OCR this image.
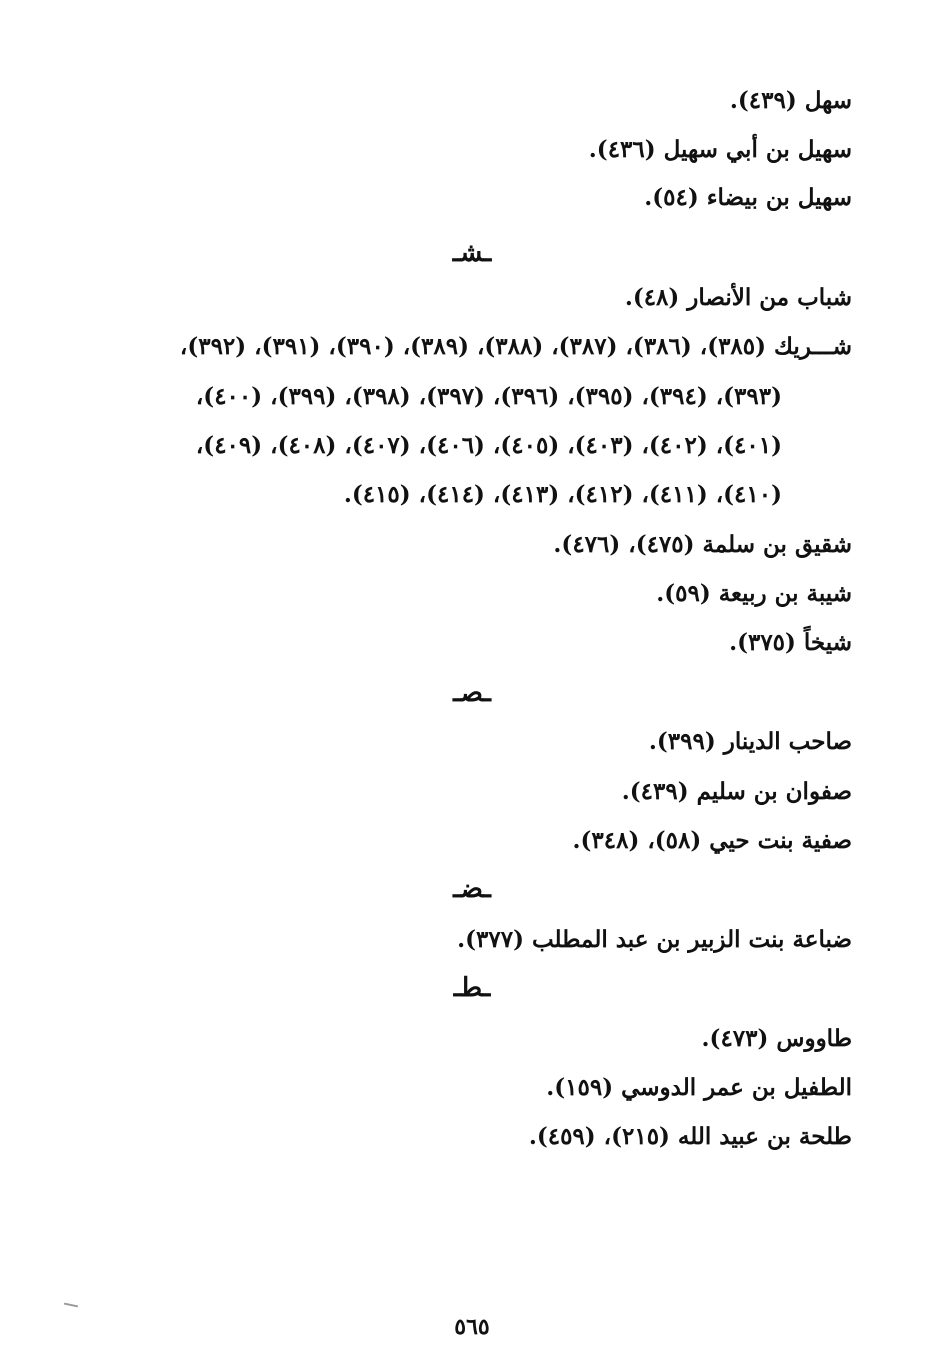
سهل (٤٣٩).
سهيل بن أبي سهيل (٤٣٦).
سهيل بن بيضاء (٥٤).
ـشـ
شباب من الأنصار (٤٨).
شـــريك (٣٨٥)، (٣٨٦)، (٣٨٧)، (٣٨٨)، (٣٨٩)، (٣٩٠)، (٣٩١)، (٣٩٢)،
(٣٩٣)، (٣٩٤)، (٣٩٥)، (٣٩٦)، (٣٩٧)، (٣٩٨)، (٣٩٩)، (٤٠٠)،
(٤٠١)، (٤٠٢)، (٤٠٣)، (٤٠٥)، (٤٠٦)، (٤٠٧)، (٤٠٨)، (٤٠٩)،
(٤١٠)، (٤١١)، (٤١٢)، (٤١٣)، (٤١٤)، (٤١٥).
شقيق بن سلمة (٤٧٥)، (٤٧٦).
شيبة بن ربيعة (٥٩).
شيخاً (٣٧٥).
ـصـ
صاحب الدينار (٣٩٩).
صفوان بن سليم (٤٣٩).
صفية بنت حيي (٥٨)، (٣٤٨).
ـضـ
ضباعة بنت الزبير بن عبد المطلب (٣٧٧).
ـطـ
طاووس (٤٧٣).
الطفيل بن عمر الدوسي (١٥٩).
طلحة بن عبيد الله (٢١٥)، (٤٥٩).
٥٦٥
